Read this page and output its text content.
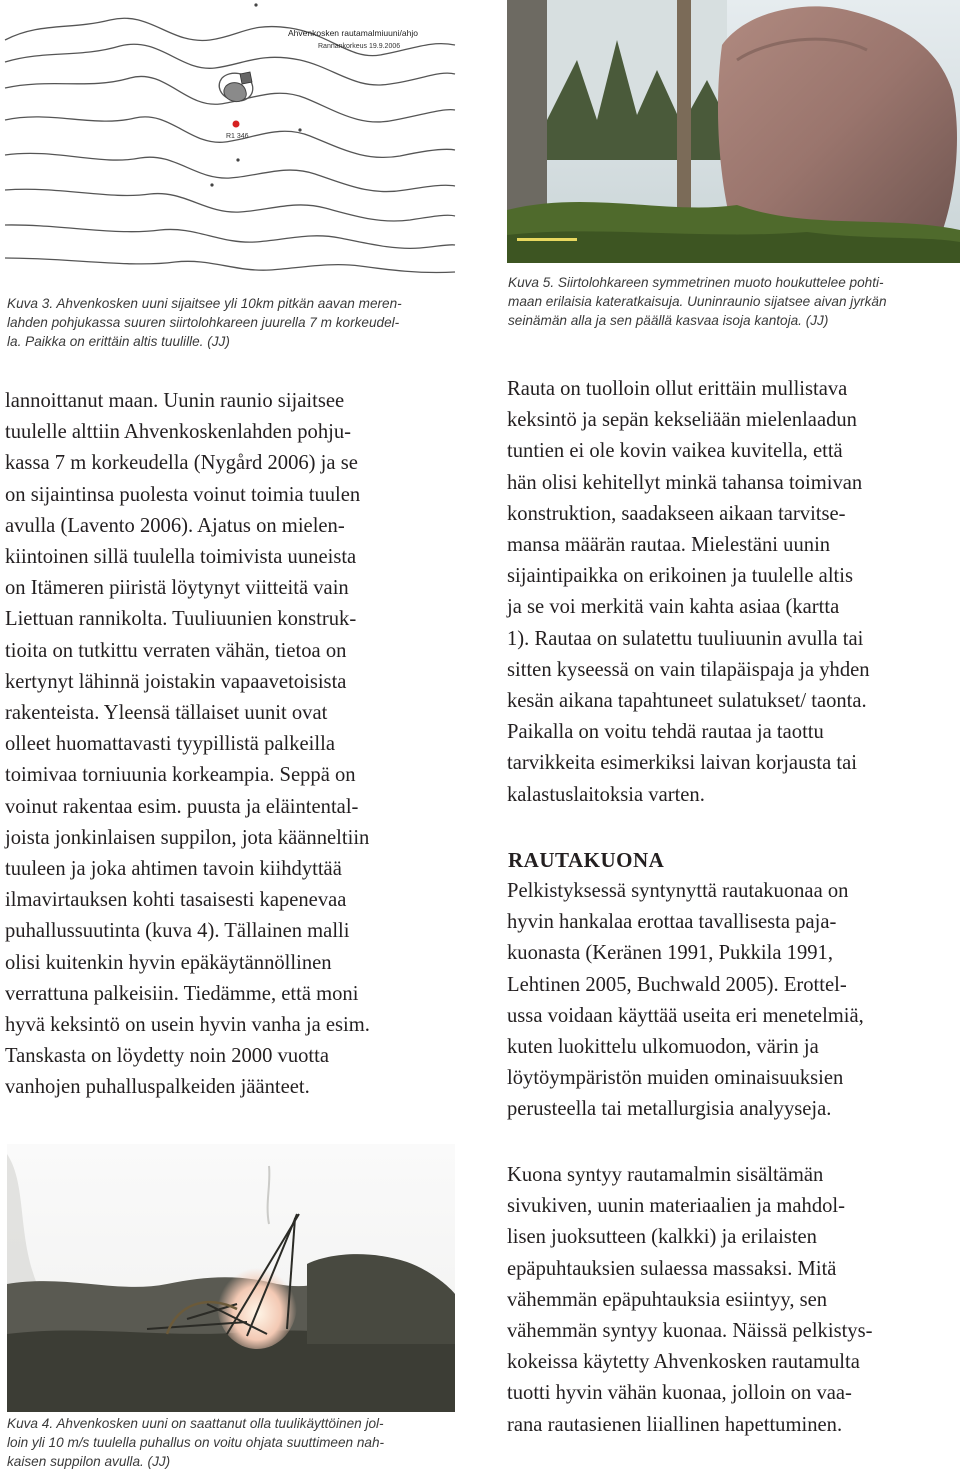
R1 346
Ahvenkosken rautamalmiuuni/ahjo
Rannankorkeus 19.9.2006
Kuva 3. Ahvenkosken uuni sijaitsee yli 10km pitkän aavan meren-
lahden pohjukassa suuren siirtolohkareen juurella 7 m korkeudel-
la. Paikka on erittäin altis tuulille. (JJ)
Kuva 5. Siirtolohkareen symmetrinen muoto houkuttelee pohti-
maan erilaisia kateratkaisuja. Uuninraunio sijatsee aivan jyrkän
seinämän alla ja sen päällä kasvaa isoja kantoja. (JJ)
lannoittanut maan. Uunin raunio sijaitsee
tuulelle alttiin Ahvenkoskenlahden pohju-
kassa 7 m korkeudella (Nygård 2006) ja se
on sijaintinsa puolesta voinut toimia tuulen
avulla (Lavento 2006). Ajatus on mielen-
kiintoinen sillä tuulella toimivista uuneista
on Itämeren piiristä löytynyt viitteitä vain
Liettuan rannikolta. Tuuliuunien konstruk-
tioita on tutkittu verraten vähän, tietoa on
kertynyt lähinnä joistakin vapaavetoisista
rakenteista. Yleensä tällaiset uunit ovat
olleet huomattavasti tyypillistä palkeilla
toimivaa torniuunia korkeampia. Seppä on
voinut rakentaa esim. puusta ja eläintental-
joista jonkinlaisen suppilon, jota käänneltiin
tuuleen ja joka ahtimen tavoin kiihdyttää
ilmavirtauksen kohti tasaisesti kapenevaa
puhallussuutinta (kuva 4). Tällainen malli
olisi kuitenkin hyvin epäkäytännöllinen
verrattuna palkeisiin. Tiedämme, että moni
hyvä keksintö on usein hyvin vanha ja esim.
Tanskasta on löydetty noin 2000 vuotta
vanhojen puhalluspalkeiden jäänteet.
Rauta on tuolloin ollut erittäin mullistava
keksintö ja sepän kekseliään mielenlaadun
tuntien ei ole kovin vaikea kuvitella, että
hän olisi kehitellyt minkä tahansa toimivan
konstruktion, saadakseen aikaan tarvitse-
mansa määrän rautaa. Mielestäni uunin
sijaintipaikka on erikoinen ja tuulelle altis
ja se voi merkitä vain kahta asiaa (kartta
1). Rautaa on sulatettu tuuliuunin avulla tai
sitten kyseessä on vain tilapäispaja ja yhden
kesän aikana tapahtuneet sulatukset/ taonta.
Paikalla on voitu tehdä rautaa ja taottu
tarvikkeita esimerkiksi laivan korjausta tai
kalastuslaitoksia varten.
RAUTAKUONA
Pelkistyksessä syntynyttä rautakuonaa on
hyvin hankalaa erottaa tavallisesta paja-
kuonasta (Keränen 1991, Pukkila 1991,
Lehtinen 2005, Buchwald 2005). Erottel-
ussa voidaan käyttää useita eri menetelmiä,
kuten luokittelu ulkomuodon, värin ja
löytöympäristön muiden ominaisuuksien
perusteella tai metallurgisia analyyseja.
Kuona syntyy rautamalmin sisältämän
sivukiven, uunin materiaalien ja mahdol-
lisen juoksutteen (kalkki) ja erilaisten
epäpuhtauksien sulaessa massaksi. Mitä
vähemmän epäpuhtauksia esiintyy, sen
vähemmän syntyy kuonaa. Näissä pelkistys-
kokeissa käytetty Ahvenkosken rautamulta
tuotti hyvin vähän kuonaa, jolloin on vaa-
rana rautasienen liiallinen hapettuminen.
Kuva 4. Ahvenkosken uuni on saattanut olla tuulikäyttöinen jol-
loin yli 10 m/s tuulella puhallus on voitu ohjata suuttimeen nah-
kaisen suppilon avulla. (JJ)
